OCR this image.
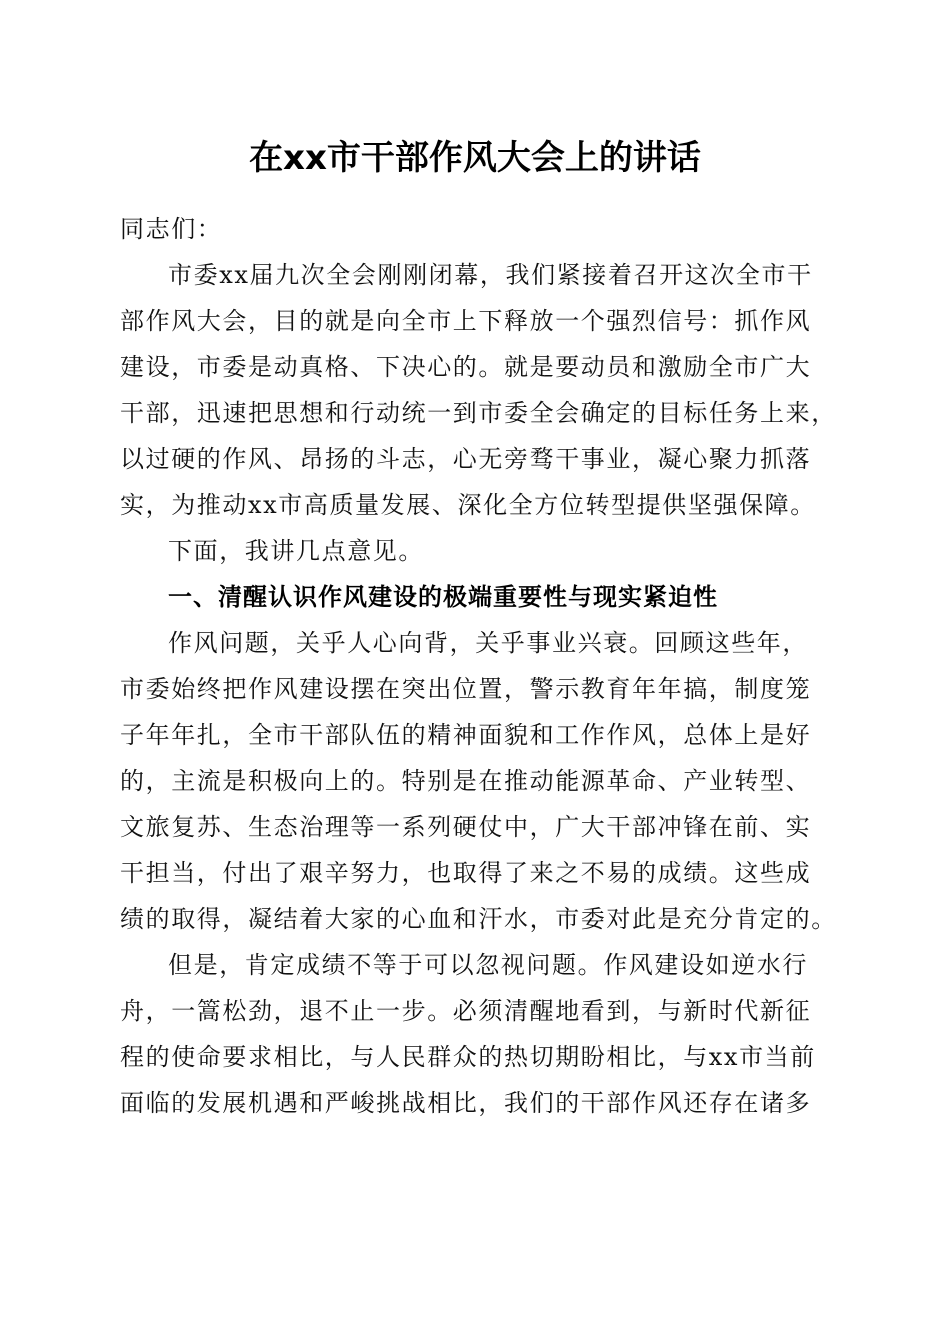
在xx市干部作风大会上的讲话

同志们：

市委xx届九次全会刚刚闭幕，我们紧接着召开这次全市干
部作风大会，目的就是向全市上下释放一个强烈信号：抓作风
建设，市委是动真格、下决心的。就是要动员和激励全市广大
干部，迅速把思想和行动统一到市委全会确定的目标任务上来，
以过硬的作风、昂扬的斗志，心无旁骛干事业，凝心聚力抓落
实，为推动xx市高质量发展、深化全方位转型提供坚强保障。

下面，我讲几点意见。

一、清醒认识作风建设的极端重要性与现实紧迫性

作风问题，关乎人心向背，关乎事业兴衰。回顾这些年，
市委始终把作风建设摆在突出位置，警示教育年年搞，制度笼
子年年扎，全市干部队伍的精神面貌和工作作风，总体上是好
的，主流是积极向上的。特别是在推动能源革命、产业转型、
文旅复苏、生态治理等一系列硬仗中，广大干部冲锋在前、实
干担当，付出了艰辛努力，也取得了来之不易的成绩。这些成
绩的取得，凝结着大家的心血和汗水，市委对此是充分肯定的。

但是，肯定成绩不等于可以忽视问题。作风建设如逆水行
舟，一篙松劲，退不止一步。必须清醒地看到，与新时代新征
程的使命要求相比，与人民群众的热切期盼相比，与xx市当前
面临的发展机遇和严峻挑战相比，我们的干部作风还存在诸多
